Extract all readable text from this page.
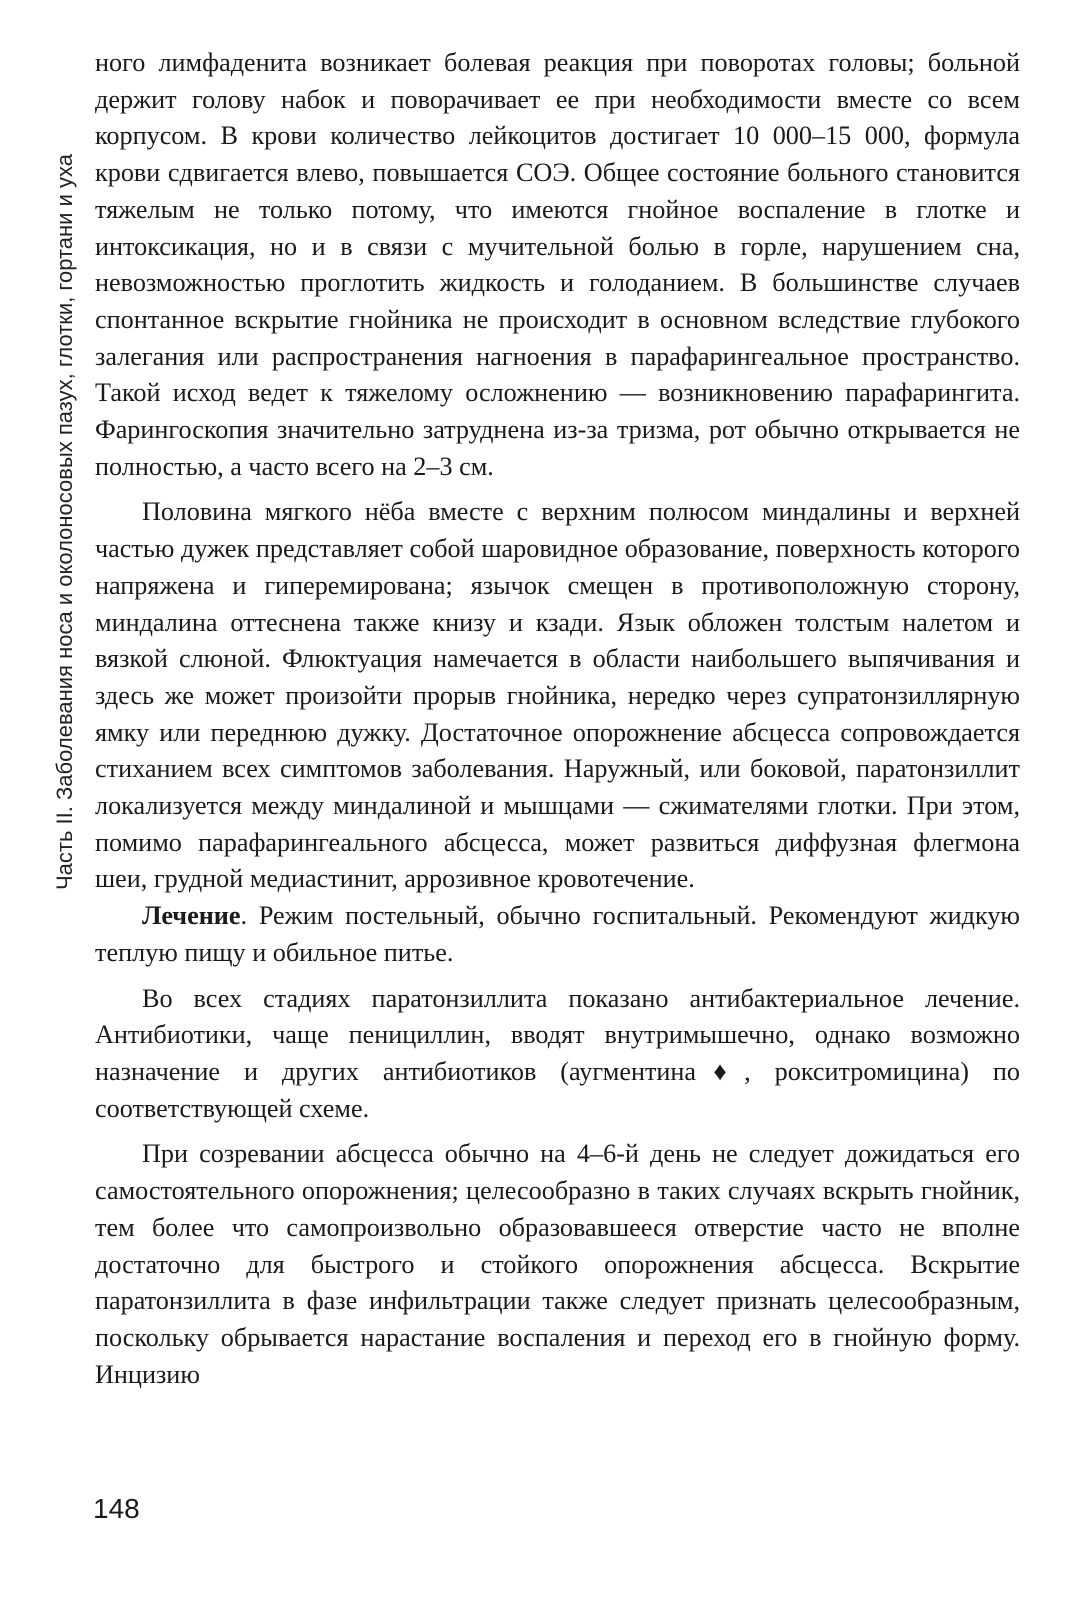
Часть II. Заболевания носа и околоносовых пазух, глотки, гортани и уха

ного лимфаденита возникает болевая реакция при поворотах головы; больной держит голову набок и поворачивает ее при необходимости вместе со всем корпусом. В крови количество лейкоцитов достигает 10 000–15 000, формула крови сдвигается влево, повышается СОЭ. Общее состояние больного становится тяжелым не только потому, что имеются гнойное воспаление в глотке и интоксикация, но и в связи с мучительной болью в горле, нарушением сна, невозможностью проглотить жидкость и голоданием. В большинстве случаев спонтанное вскрытие гнойника не происходит в основном вследствие глубокого залегания или распространения нагноения в парафарингеальное пространство. Такой исход ведет к тяжелому осложнению — возникновению парафарингита. Фарингоскопия значительно затруднена из-за тризма, рот обычно открывается не полностью, а часто всего на 2–3 см.

Половина мягкого нёба вместе с верхним полюсом миндалины и верхней частью дужек представляет собой шаровидное образование, поверхность которого напряжена и гиперемирована; язычок смещен в противоположную сторону, миндалина оттеснена также книзу и кзади. Язык обложен толстым налетом и вязкой слюной. Флюктуация намечается в области наибольшего выпячивания и здесь же может произойти прорыв гнойника, нередко через супратонзиллярную ямку или переднюю дужку. Достаточное опорожнение абсцесса сопровождается стиханием всех симптомов заболевания. Наружный, или боковой, паратонзиллит локализуется между миндалиной и мышцами — сжимателями глотки. При этом, помимо парафарингеального абсцесса, может развиться диффузная флегмона шеи, грудной медиастинит, аррозивное кровотечение.

Лечение. Режим постельный, обычно госпитальный. Рекомендуют жидкую теплую пищу и обильное питье.

Во всех стадиях паратонзиллита показано антибактериальное лечение. Антибиотики, чаще пенициллин, вводят внутримышечно, однако возможно назначение и других антибиотиков (аугментина♦, рокситромицина) по соответствующей схеме.

При созревании абсцесса обычно на 4–6-й день не следует дожидаться его самостоятельного опорожнения; целесообразно в таких случаях вскрыть гнойник, тем более что самопроизвольно образовавшееся отверстие часто не вполне достаточно для быстрого и стойкого опорожнения абсцесса. Вскрытие паратонзиллита в фазе инфильтрации также следует признать целесообразным, поскольку обрывается нарастание воспаления и переход его в гнойную форму. Инцизию

148
